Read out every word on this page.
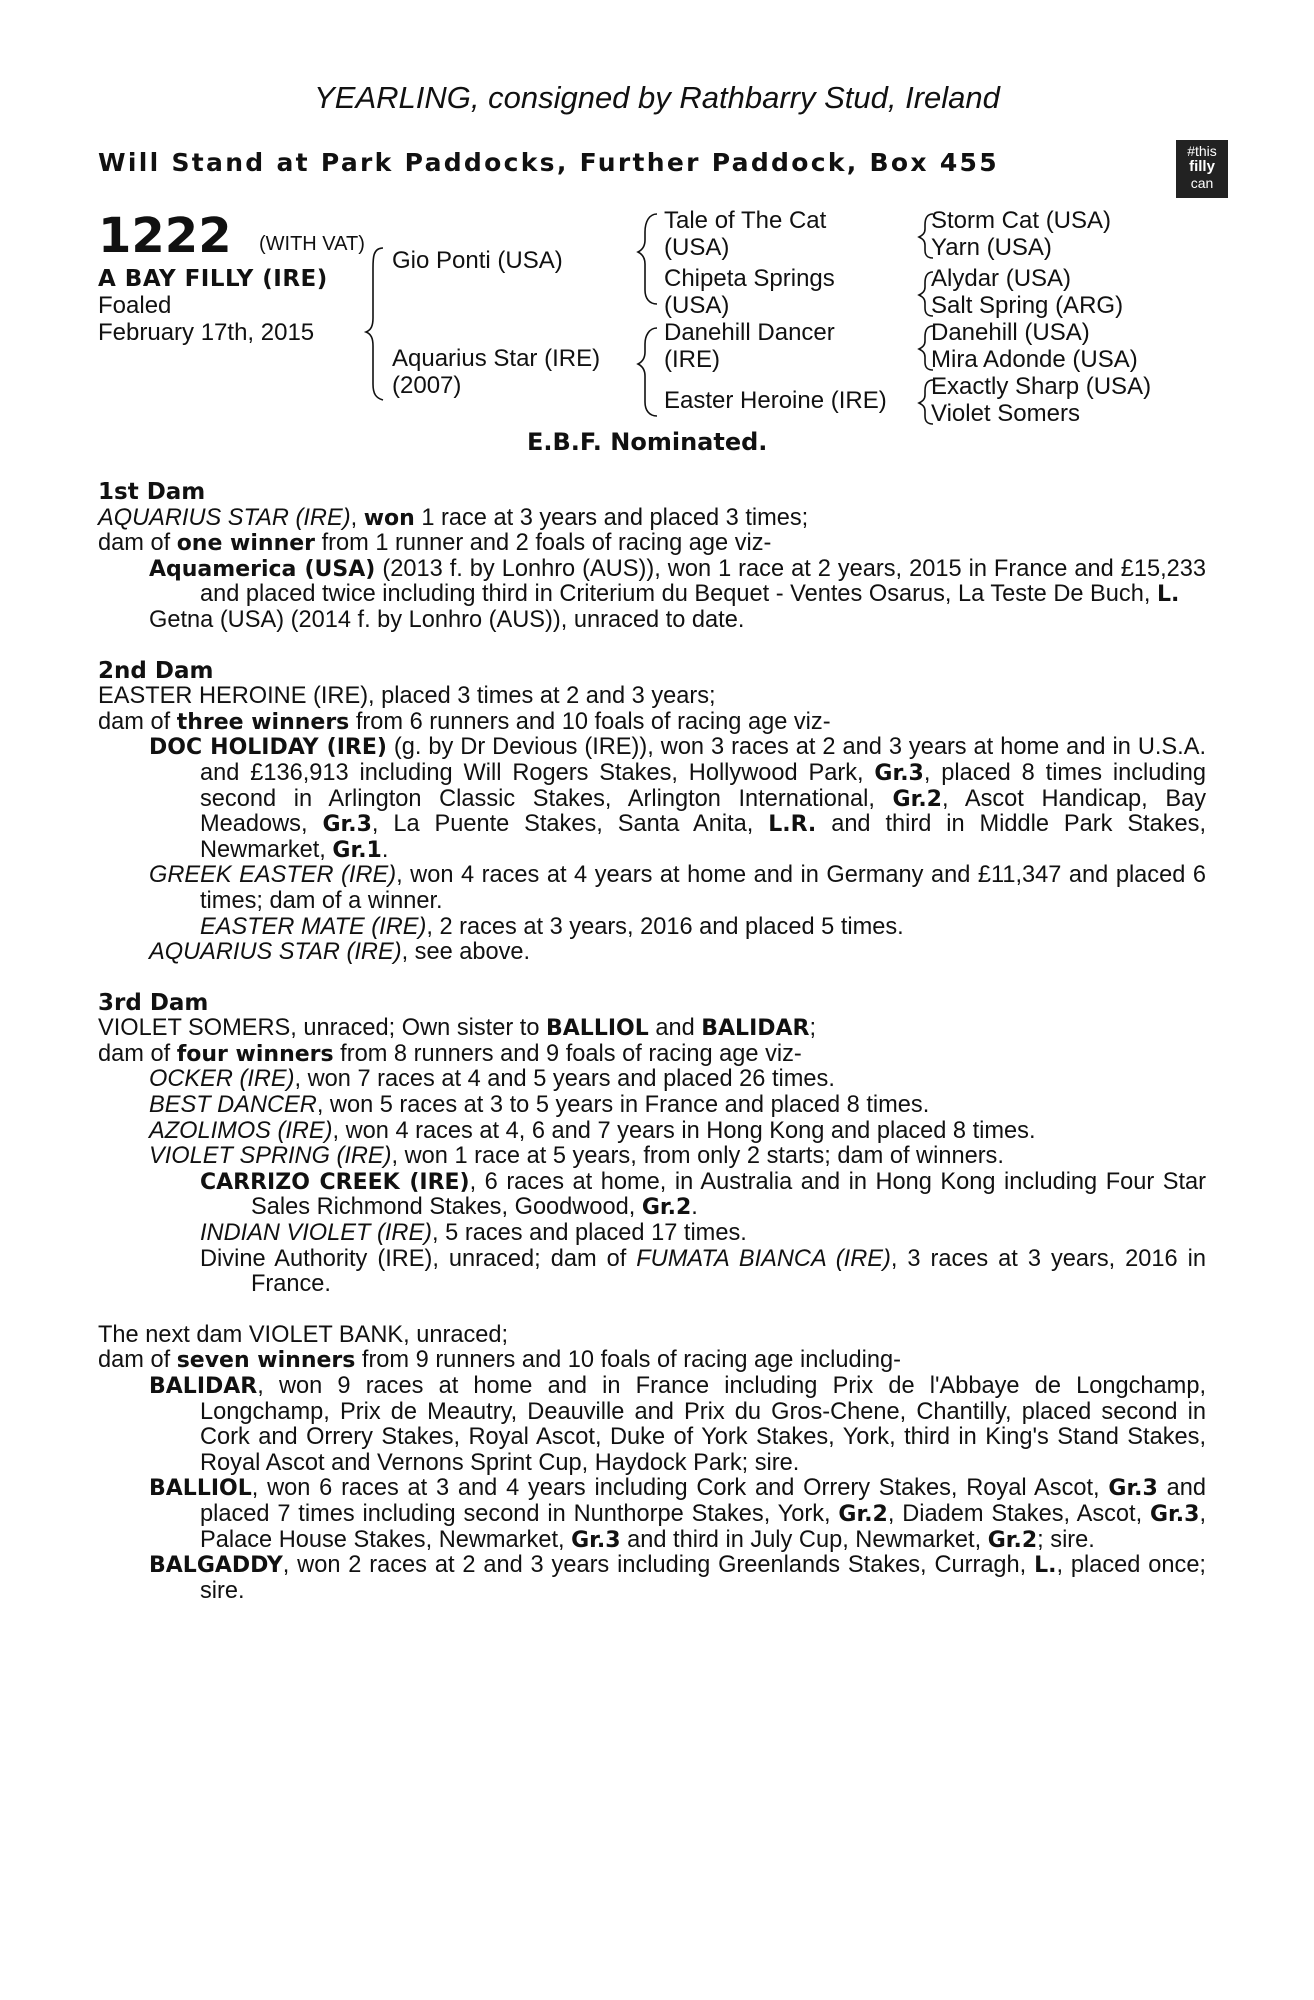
YEARLING, consigned by Rathbarry Stud, Ireland
Will Stand at Park Paddocks, Further Paddock, Box 455	#this
filly
can
1222 (WITH VAT)
A BAY FILLY (IRE)
Foaled
February 17th, 2015
Gio Ponti (USA)
Aquarius Star (IRE)
(2007)
Tale of The Cat
(USA)
Chipeta Springs
(USA)
Danehill Dancer
(IRE)
Easter Heroine (IRE)
Storm Cat (USA)
Yarn (USA)
Alydar (USA)
Salt Spring (ARG)
Danehill (USA)
Mira Adonde (USA)
Exactly Sharp (USA)
Violet Somers
E.B.F. Nominated.
1st Dam

AQUARIUS STAR (IRE), won 1 race at 3 years and placed 3 times;

dam of one winner from 1 runner and 2 foals of racing age viz-

Aquamerica (USA) (2013 f. by Lonhro (AUS)), won 1 race at 2 years, 2015 in France and £15,233 and placed twice including third in Criterium du Bequet - Ventes Osarus, La Teste De Buch, L.

Getna (USA) (2014 f. by Lonhro (AUS)), unraced to date.

2nd Dam

EASTER HEROINE (IRE), placed 3 times at 2 and 3 years;

dam of three winners from 6 runners and 10 foals of racing age viz-

DOC HOLIDAY (IRE) (g. by Dr Devious (IRE)), won 3 races at 2 and 3 years at home and in U.S.A. and £136,913 including Will Rogers Stakes, Hollywood Park, Gr.3, placed 8 times including second in Arlington Classic Stakes, Arlington International, Gr.2, Ascot Handicap, Bay Meadows, Gr.3, La Puente Stakes, Santa Anita, L.R. and third in Middle Park Stakes, Newmarket, Gr.1.

GREEK EASTER (IRE), won 4 races at 4 years at home and in Germany and £11,347 and placed 6 times; dam of a winner.

EASTER MATE (IRE), 2 races at 3 years, 2016 and placed 5 times.

AQUARIUS STAR (IRE), see above.

3rd Dam

VIOLET SOMERS, unraced; Own sister to BALLIOL and BALIDAR;

dam of four winners from 8 runners and 9 foals of racing age viz-

OCKER (IRE), won 7 races at 4 and 5 years and placed 26 times.

BEST DANCER, won 5 races at 3 to 5 years in France and placed 8 times.

AZOLIMOS (IRE), won 4 races at 4, 6 and 7 years in Hong Kong and placed 8 times.

VIOLET SPRING (IRE), won 1 race at 5 years, from only 2 starts; dam of winners.

CARRIZO CREEK (IRE), 6 races at home, in Australia and in Hong Kong including Four Star Sales Richmond Stakes, Goodwood, Gr.2.

INDIAN VIOLET (IRE), 5 races and placed 17 times.

Divine Authority (IRE), unraced; dam of FUMATA BIANCA (IRE), 3 races at 3 years, 2016 in France.

The next dam VIOLET BANK, unraced;

dam of seven winners from 9 runners and 10 foals of racing age including-

BALIDAR, won 9 races at home and in France including Prix de l'Abbaye de Longchamp, Longchamp, Prix de Meautry, Deauville and Prix du Gros-Chene, Chantilly, placed second in Cork and Orrery Stakes, Royal Ascot, Duke of York Stakes, York, third in King's Stand Stakes, Royal Ascot and Vernons Sprint Cup, Haydock Park; sire.

BALLIOL, won 6 races at 3 and 4 years including Cork and Orrery Stakes, Royal Ascot, Gr.3 and placed 7 times including second in Nunthorpe Stakes, York, Gr.2, Diadem Stakes, Ascot, Gr.3, Palace House Stakes, Newmarket, Gr.3 and third in July Cup, Newmarket, Gr.2; sire.

BALGADDY, won 2 races at 2 and 3 years including Greenlands Stakes, Curragh, L., placed once; sire.
